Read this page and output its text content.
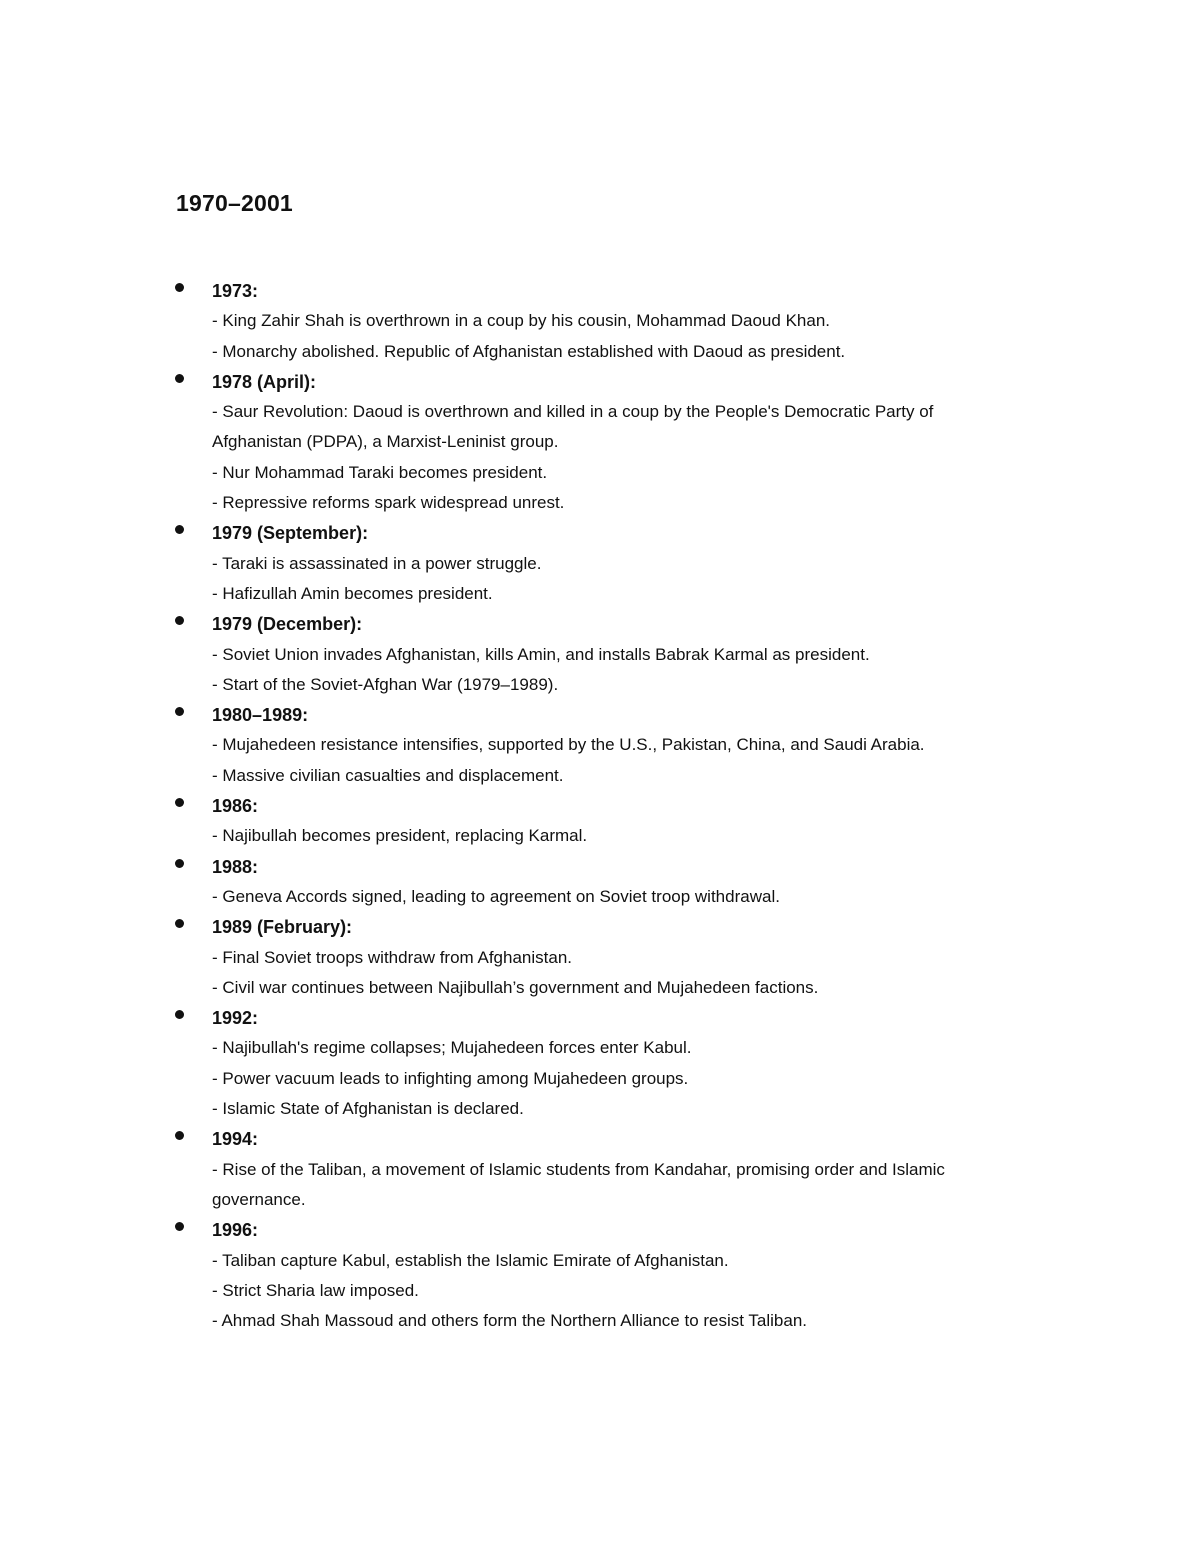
1970–2001
1973:
- King Zahir Shah is overthrown in a coup by his cousin, Mohammad Daoud Khan.
- Monarchy abolished. Republic of Afghanistan established with Daoud as president.
1978 (April):
- Saur Revolution: Daoud is overthrown and killed in a coup by the People's Democratic Party of Afghanistan (PDPA), a Marxist-Leninist group.
- Nur Mohammad Taraki becomes president.
- Repressive reforms spark widespread unrest.
1979 (September):
- Taraki is assassinated in a power struggle.
- Hafizullah Amin becomes president.
1979 (December):
- Soviet Union invades Afghanistan, kills Amin, and installs Babrak Karmal as president.
- Start of the Soviet-Afghan War (1979–1989).
1980–1989:
- Mujahedeen resistance intensifies, supported by the U.S., Pakistan, China, and Saudi Arabia.
- Massive civilian casualties and displacement.
1986:
- Najibullah becomes president, replacing Karmal.
1988:
- Geneva Accords signed, leading to agreement on Soviet troop withdrawal.
1989 (February):
- Final Soviet troops withdraw from Afghanistan.
- Civil war continues between Najibullah’s government and Mujahedeen factions.
1992:
- Najibullah's regime collapses; Mujahedeen forces enter Kabul.
- Power vacuum leads to infighting among Mujahedeen groups.
- Islamic State of Afghanistan is declared.
1994:
- Rise of the Taliban, a movement of Islamic students from Kandahar, promising order and Islamic governance.
1996:
- Taliban capture Kabul, establish the Islamic Emirate of Afghanistan.
- Strict Sharia law imposed.
- Ahmad Shah Massoud and others form the Northern Alliance to resist Taliban.
